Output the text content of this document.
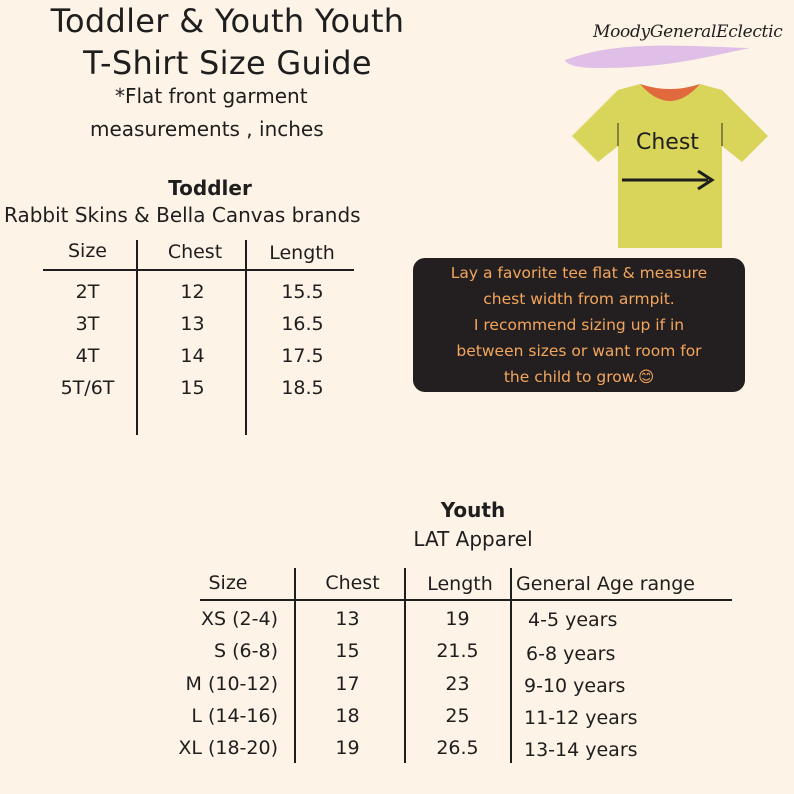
Toddler & Youth Youth
T-Shirt Size Guide
*Flat front garment
measurements , inches
MoodyGeneralEclectic
Chest
Lay a favorite tee flat & measure
chest width from armpit.
I recommend sizing up if in
between sizes or want room for
the child to grow.😊
Toddler
Rabbit Skins & Bella Canvas brands
Size	Chest	Length
2T	12	15.5
3T	13	16.5
4T	14	17.5
5T/6T	15	18.5
Youth
LAT Apparel
Size	Chest	Length	General Age range
XS (2-4)	13	19	4-5 years
S (6-8)	15	21.5	6-8 years
M (10-12)	17	23	9-10 years
L (14-16)	18	25	11-12 years
XL (18-20)	19	26.5	13-14 years
